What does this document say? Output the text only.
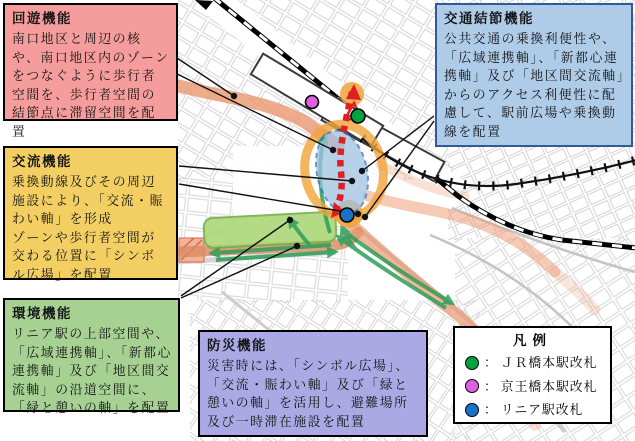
回遊機能

南口地区と周辺の核や、南口地区内のゾーンをつなぐように歩行者空間を、歩行者空間の結節点に滞留空間を配置

交流機能

乗換動線及びその周辺施設により、「交流・賑わい軸」を形成

ゾーンや歩行者空間が交わる位置に「シンボル広場」を配置

環境機能

リニア駅の上部空間や、「広域連携軸」、「新都心連携軸」及び「地区間交流軸」の沿道空間に、「緑と憩いの軸」を配置

防災機能

災害時には、「シンボル広場」、「交流・賑わい軸」及び「緑と憩いの軸」を活用し、避難場所及び一時滞在施設を配置

交通結節機能

公共交通の乗換利便性や、「広域連携軸」、「新都心連携軸」及び「地区間交流軸」からのアクセス利便性に配慮して、駅前広場や乗換動線を配置

凡例
： ＪＲ橋本駅改札
： 京王橋本駅改札
： リニア駅改札
